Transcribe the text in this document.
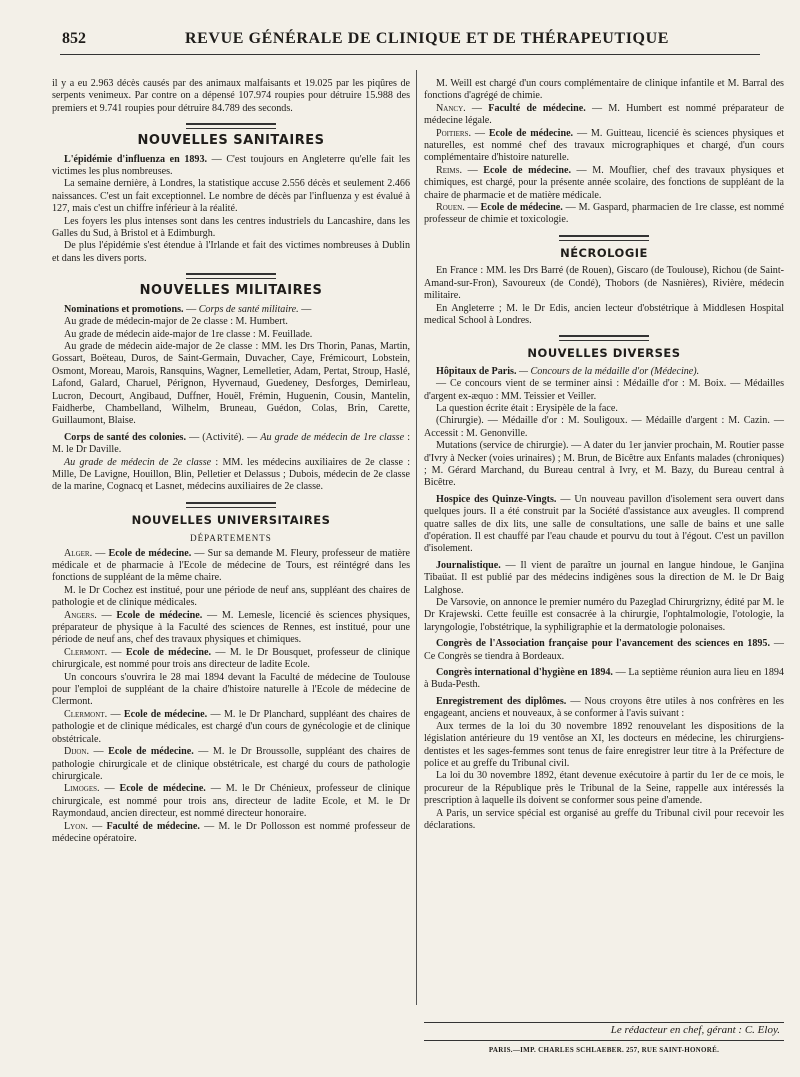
852	REVUE GÉNÉRALE DE CLINIQUE ET DE THÉRAPEUTIQUE

il y a eu 2.963 décès causés par des animaux malfaisants et 19.025 par les piqûres de serpents venimeux. Par contre on a dépensé 107.974 roupies pour détruire 15.988 des premiers et 9.741 roupies pour détruire 84.789 des seconds.

NOUVELLES SANITAIRES

L'épidémie d'influenza en 1893. — C'est toujours en Angleterre qu'elle fait les victimes les plus nombreuses.

La semaine dernière, à Londres, la statistique accuse 2.556 décès et seulement 2.466 naissances. C'est un fait exceptionnel. Le nombre de décès par l'influenza y est évalué à 127, mais c'est un chiffre inférieur à la réalité.

Les foyers les plus intenses sont dans les centres industriels du Lancashire, dans les Galles du Sud, à Bristol et à Edimburgh.

De plus l'épidémie s'est étendue à l'Irlande et fait des victimes nombreuses à Dublin et dans les divers ports.

NOUVELLES MILITAIRES

Nominations et promotions. — Corps de santé militaire. —

Au grade de médecin-major de 2e classe : M. Humbert.

Au grade de médecin aide-major de 1re classe : M. Feuillade.

Au grade de médecin aide-major de 2e classe : MM. les Drs Thorin, Panas, Martin, Gossart, Boëteau, Duros, de Saint-Germain, Duvacher, Caye, Frémicourt, Lobstein, Osmont, Moreau, Marois, Ransquins, Wagner, Lemelletier, Adam, Pertat, Stroup, Haslé, Lafond, Galard, Charuel, Pérignon, Hyvernaud, Guedeney, Desforges, Demirleau, Lucron, Decourt, Angibaud, Duffner, Houël, Frémin, Huguenin, Cousin, Mantelin, Faidherbe, Chambelland, Wilhelm, Bruneau, Guédon, Colas, Brin, Carette, Guillaumont, Blaise.

Corps de santé des colonies. — (Activité). — Au grade de médecin de 1re classe : M. le Dr Daville.

Au grade de médecin de 2e classe : MM. les médecins auxiliaires de 2e classe : Mille, De Lavigne, Houillon, Blin, Pelletier et Delassus ; Dubois, médecin de 2e classe de la marine, Cognacq et Lasnet, médecins auxiliaires de 2e classe.

NOUVELLES UNIVERSITAIRES
DÉPARTEMENTS

Alger. — Ecole de médecine. — Sur sa demande M. Fleury, professeur de matière médicale et de pharmacie à l'Ecole de médecine de Tours, est réintégré dans les fonctions de suppléant de la même chaire.

M. le Dr Cochez est institué, pour une période de neuf ans, suppléant des chaires de pathologie et de clinique médicales.

Angers. — Ecole de médecine. — M. Lemesle, licencié ès sciences physiques, préparateur de physique à la Faculté des sciences de Rennes, est institué, pour une période de neuf ans, chef des travaux physiques et chimiques.

Clermont. — Ecole de médecine. — M. le Dr Bousquet, professeur de clinique chirurgicale, est nommé pour trois ans directeur de ladite Ecole.

Un concours s'ouvrira le 28 mai 1894 devant la Faculté de médecine de Toulouse pour l'emploi de suppléant de la chaire d'histoire naturelle à l'Ecole de médecine de Clermont.

Clermont. — Ecole de médecine. — M. le Dr Planchard, suppléant des chaires de pathologie et de clinique médicales, est chargé d'un cours de gynécologie et de clinique obstétricale.

Dijon. — Ecole de médecine. — M. le Dr Broussolle, suppléant des chaires de pathologie chirurgicale et de clinique obstétricale, est chargé du cours de pathologie chirurgicale.

Limoges. — Ecole de médecine. — M. le Dr Chénieux, professeur de clinique chirurgicale, est nommé pour trois ans, directeur de ladite Ecole, et M. le Dr Raymondaud, ancien directeur, est nommé directeur honoraire.

Lyon. — Faculté de médecine. — M. le Dr Pollosson est nommé professeur de médecine opératoire.

M. Weill est chargé d'un cours complémentaire de clinique infantile et M. Barral des fonctions d'agrégé de chimie.

Nancy. — Faculté de médecine. — M. Humbert est nommé préparateur de médecine légale.

Poitiers. — Ecole de médecine. — M. Guitteau, licencié ès sciences physiques et naturelles, est nommé chef des travaux micrographiques et chargé, d'un cours complémentaire d'histoire naturelle.

Reims. — Ecole de médecine. — M. Mouflier, chef des travaux physiques et chimiques, est chargé, pour la présente année scolaire, des fonctions de suppléant de la chaire de pharmacie et de matière médicale.

Rouen. — Ecole de médecine. — M. Gaspard, pharmacien de 1re classe, est nommé professeur de chimie et toxicologie.

NÉCROLOGIE

En France : MM. les Drs Barré (de Rouen), Giscaro (de Toulouse), Richou (de Saint-Amand-sur-Fron), Savoureux (de Condé), Thobors (de Nasnières), Rivière, médecin militaire.

En Angleterre ; M. le Dr Edis, ancien lecteur d'obstétrique à Middlesen Hospital medical School à Londres.

NOUVELLES DIVERSES

Hôpitaux de Paris. — Concours de la médaille d'or (Médecine).

— Ce concours vient de se terminer ainsi : Médaille d'or : M. Boix. — Médailles d'argent ex-æquo : MM. Teissier et Veiller.

La question écrite était : Erysipèle de la face.

(Chirurgie). — Médaille d'or : M. Souligoux. — Médaille d'argent : M. Cazin. — Accessit : M. Genonville.

Mutations (service de chirurgie). — A dater du 1er janvier prochain, M. Routier passe d'Ivry à Necker (voies urinaires) ; M. Brun, de Bicêtre aux Enfants malades (chroniques) ; M. Gérard Marchand, du Bureau central à Ivry, et M. Bazy, du Bureau central à Bicêtre.

Hospice des Quinze-Vingts. — Un nouveau pavillon d'isolement sera ouvert dans quelques jours. Il a été construit par la Société d'assistance aux aveugles. Il comprend quatre salles de dix lits, une salle de consultations, une salle de bains et une salle d'opération. Il est chauffé par l'eau chaude et pourvu du tout à l'égout. C'est un pavillon d'isolement.

Journalistique. — Il vient de paraître un journal en langue hindoue, le Ganjina Tibaüat. Il est publié par des médecins indigènes sous la direction de M. le Dr Baig Lalghose.

De Varsovie, on annonce le premier numéro du Pazeglad Chirurgrizny, édité par M. le Dr Krajewski. Cette feuille est consacrée à la chirurgie, l'ophtalmologie, l'otologie, la laryngologie, l'obstétrique, la syphiligraphie et la dermatologie polonaises.

Congrès de l'Association française pour l'avancement des sciences en 1895. — Ce Congrès se tiendra à Bordeaux.

Congrès international d'hygiène en 1894. — La septième réunion aura lieu en 1894 à Buda-Pesth.

Enregistrement des diplômes. — Nous croyons être utiles à nos confrères en les engageant, anciens et nouveaux, à se conformer à l'avis suivant :

Aux termes de la loi du 30 novembre 1892 renouvelant les dispositions de la législation antérieure du 19 ventôse an XI, les docteurs en médecine, les chirurgiens-dentistes et les sages-femmes sont tenus de faire enregistrer leur titre à la Préfecture de police et au greffe du Tribunal civil.

La loi du 30 novembre 1892, étant devenue exécutoire à partir du 1er de ce mois, le procureur de la République près le Tribunal de la Seine, rappelle aux intéressés la prescription à laquelle ils doivent se conformer sous peine d'amende.

A Paris, un service spécial est organisé au greffe du Tribunal civil pour recevoir les déclarations.

Le rédacteur en chef, gérant : C. Eloy.
PARIS.—IMP. CHARLES SCHLAEBER. 257, RUE SAINT-HONORÉ.
